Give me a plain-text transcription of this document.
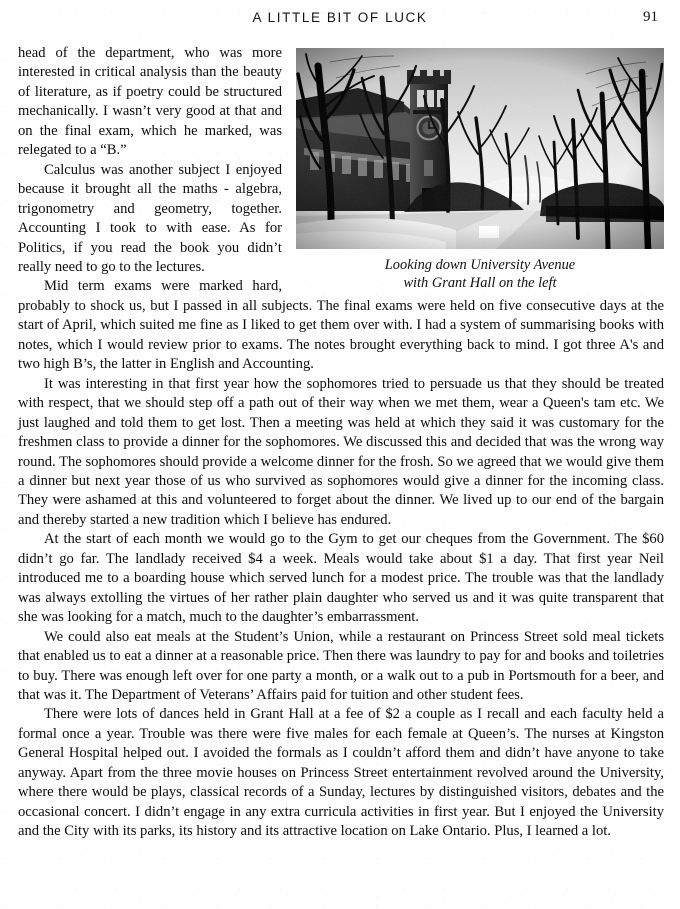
A LITTLE BIT OF LUCK	91
Looking down University Avenue
with Grant Hall on the left

head of the department, who was more interested in critical analysis than the beauty of literature, as if poetry could be structured mechanically. I wasn’t very good at that and on the final exam, which he marked, was relegated to a “B.”

Calculus was another subject I enjoyed because it brought all the maths - algebra, trigonometry and geometry, together. Accounting I took to with ease. As for Politics, if you read the book you didn’t really need to go to the lectures.

Mid term exams were marked hard, probably to shock us, but I passed in all subjects. The final exams were held on five consecutive days at the start of April, which suited me fine as I liked to get them over with. I had a system of summarising books with notes, which I would review prior to exams. The notes brought everything back to mind. I got three A's and two high B’s, the latter in English and Accounting.

It was interesting in that first year how the sophomores tried to persuade us that they should be treated with respect, that we should step off a path out of their way when we met them, wear a Queen's tam etc. We just laughed and told them to get lost. Then a meeting was held at which they said it was customary for the freshmen class to provide a dinner for the sophomores. We discussed this and decided that was the wrong way round. The sophomores should provide a welcome dinner for the frosh. So we agreed that we would give them a dinner but next year those of us who survived as sophomores would give a dinner for the incoming class. They were ashamed at this and volunteered to forget about the dinner. We lived up to our end of the bargain and thereby started a new tradition which I believe has endured.

At the start of each month we would go to the Gym to get our cheques from the Government. The $60 didn’t go far. The landlady received $4 a week. Meals would take about $1 a day. That first year Neil introduced me to a boarding house which served lunch for a modest price. The trouble was that the landlady was always extolling the virtues of her rather plain daughter who served us and it was quite transparent that she was looking for a match, much to the daughter’s embarrassment.

We could also eat meals at the Student’s Union, while a restaurant on Princess Street sold meal tickets that enabled us to eat a dinner at a reasonable price. Then there was laundry to pay for and books and toiletries to buy. There was enough left over for one party a month, or a walk out to a pub in Portsmouth for a beer, and that was it. The Department of Veterans’ Affairs paid for tuition and other student fees.

There were lots of dances held in Grant Hall at a fee of $2 a couple as I recall and each faculty held a formal once a year. Trouble was there were five males for each female at Queen’s. The nurses at Kingston General Hospital helped out. I avoided the formals as I couldn’t afford them and didn’t have anyone to take anyway. Apart from the three movie houses on Princess Street entertainment revolved around the University, where there would be plays, classical records of a Sunday, lectures by distinguished visitors, debates and the occasional concert. I didn’t engage in any extra curricula activities in first year. But I enjoyed the University and the City with its parks, its history and its attractive location on Lake Ontario. Plus, I learned a lot.
